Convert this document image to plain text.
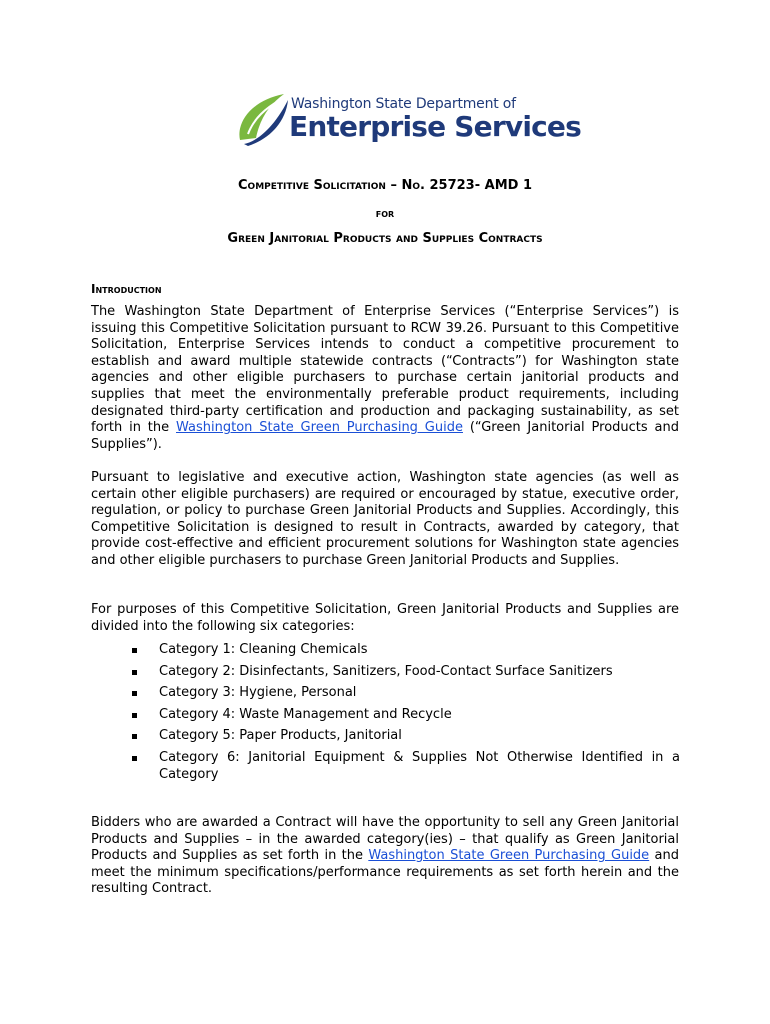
Washington State Department of
Enterprise Services
Competitive Solicitation – No. 25723- AMD 1
for
Green Janitorial Products and Supplies Contracts
Introduction
The Washington State Department of Enterprise Services (“Enterprise Services”) is issuing this Competitive Solicitation pursuant to RCW 39.26. Pursuant to this Competitive Solicitation, Enterprise Services intends to conduct a competitive procurement to establish and award multiple statewide contracts (“Contracts”) for Washington state agencies and other eligible purchasers to purchase certain janitorial products and supplies that meet the environmentally preferable product requirements, including designated third-party certification and production and packaging sustainability, as set forth in the Washington State Green Purchasing Guide (“Green Janitorial Products and Supplies”).
Pursuant to legislative and executive action, Washington state agencies (as well as certain other eligible purchasers) are required or encouraged by statue, executive order, regulation, or policy to purchase Green Janitorial Products and Supplies. Accordingly, this Competitive Solicitation is designed to result in Contracts, awarded by category, that provide cost-effective and efficient procurement solutions for Washington state agencies and other eligible purchasers to purchase Green Janitorial Products and Supplies.
For purposes of this Competitive Solicitation, Green Janitorial Products and Supplies are divided into the following six categories:
Category 1: Cleaning Chemicals
Category 2: Disinfectants, Sanitizers, Food-Contact Surface Sanitizers
Category 3: Hygiene, Personal
Category 4: Waste Management and Recycle
Category 5: Paper Products, Janitorial
Category 6: Janitorial Equipment & Supplies Not Otherwise Identified in a Category
Bidders who are awarded a Contract will have the opportunity to sell any Green Janitorial Products and Supplies – in the awarded category(ies) – that qualify as Green Janitorial Products and Supplies as set forth in the Washington State Green Purchasing Guide and meet the minimum specifications/performance requirements as set forth herein and the resulting Contract.
